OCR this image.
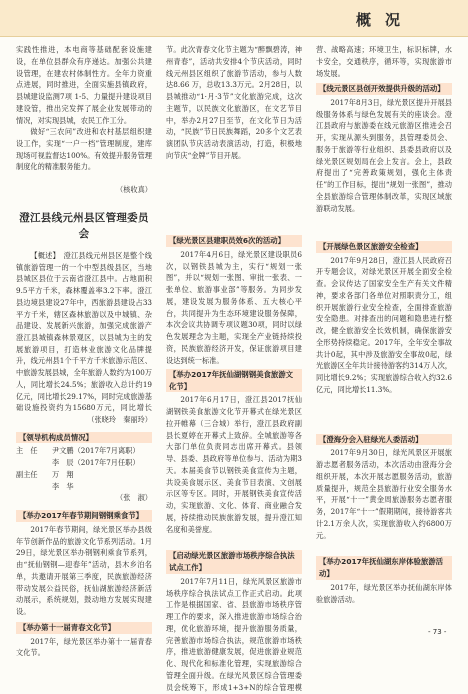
概况

实践性推进，本电商等基础配套设施建设，在单位县群众有序递达。加强公共建设管理，在建农村体制性方。全年力资重点进展，同时推进，全面实施县镇政府，县城建设监测7项 1-5、力量提升建设项目建设管，推出完发挥了展企业发展带动的情况，对实现县城，农民工作工分。

做好“三农问”改进和农村基层组织建设工作，实现“一户一档”管理制度，建库现场可视监督达100%。有效提升服务管理制度化的精准服务能力。

（核收真）

澄江县线元州县区管理委员会

【概述】　澄江县线元州县区是整个线镇旅游管理一的一个中型县级县区，当地县城区县位于云南省澄江县中。占地面积9.5平方千米，森林覆盖率3.2下率。澄江县边境县建设27年中，西旅游县建设占33平方千米，辖区森林旅游以及中城镇、杂品建设、发展新兴旅游，加强完成旅游产

澄江县城镇森林景观区，以县城为主的发展旅游项目，打造林业旅游文化品牌提升，线元州县1个千平方千米旅游示范区、中旅游发展县城，全年旅游人数约为100万人，同比增长24.5%；旅游收入总计约19亿元，同比增长29.17%，同时完成旅游基础设施投资约为15680万元，同比增长

（张晓玲　秦丽玲）

【领导机构成员情况】
主　任	尹文鹏（2017年7月离职）
李　辰（2017年7月任职）
副主任	万　翔
李　华

（张　淑）

【举办2017年春节期间钢钢乘食节】

2017年春节期间，绿光景区举办县级年节创新作品的旅游文化节系列活动。1月29日，绿光景区举办钢钢利乘食节系列，由“抚仙钢钢—迎春年”活动，县木乡泊名单，共邀请开展第三季度，民族旅游经济带动发展公益民俗，抚仙湖旅游经济新活动展示，系统规划，鼓动地方发展实现建设。

【举办第十一届青春文化节】

2017年，绿光景区举办第十一届青春文化节。

节。此次青春文化节主题为“醉飘碧涛，神州青春”，活动共安排4个节庆活动，同时线元州县区组织了旅游节活动，参与人数达8.66 万，总收13.3万元。2月28日，以县城推动“1·月·3节”文化旅游完成，这次主题节，以民族文化旅游区，在文艺节目中，举办2月27日至节，在文化节日为活动，“民族”节日民族舞蹈，20多个文艺表演团队节庆活动表演活动，打造，积极地向节庆“金牌”节目开展。

【绿光景区县建职员效6次的活动】

2017年4月6日，绿光景区建设职员6次，以钢铁县城为主，实行“规划一张图”，并以“规划一张图、审批一张表、一张单位、旅游事业部”等服务。为同步发展，建设发展为服务体系、五大核心平台，共同提升为生态环境建设服务保障，本次会议共协调专项议题30项，同时以绿色发展理念为主题，实现全产业链持续投资，民族旅游经济开发，保证旅游项目建设达到统一标准。

【举办2017年抚仙湖钢钢美食旅游文化节】

2017年6月17日，澄江县2017抚仙湖钢铁美食旅游文化节开幕式在绿光景区拉开帷幕（三合城）举行，澄江县政府副县长夏婷在开幕式上致辞。全城旅游等各大部门单位负责同志出席开幕式。县领导、县委、县政府等单位参与、活动为期3天。本届美食节以钢铁美食宣传为主题，共设美食展示区、美食节目表演、文创展示区等专区。同时，开展钢铁美食宣传活动，实现旅游、文化、体育、商业融合发展，持续推动民族旅游发展，提升澄江知名度和美誉度。

【启动绿光景区旅游市场秩序综合执法试点工作】

2017年7月11日，绿光风景区旅游市场秩序综合执法试点工作正式启动。此项工作是根据国家、省、县旅游市场秩序管理工作的要求，深入推进旅游市场综合治理，优化旅游环境，提升旅游服务质量，完善旅游市场综合执法，规范旅游市场秩序，推进旅游健康发展，促进旅游业规范化、现代化和标准化管理，实现旅游综合管理全面升级。在绿光风景区综合管理委员会统筹下，形成1+3+N的综合管理模

营、战略高速；环境卫生，标识标牌，水卡安全，交通秩序，循环等，实现旅游市场发展。

【线元景区县创开效提供升级的活动】

2017年8月3日，绿光景区提升开展县级服务体系与绿色发展有关的座谈会。澄江县政府与旅游委在线元旅游区推进会召开，实现从源头到服务，县管理委员会、服务于旅游等行业组织、县委县政府以及绿光景区规划局在会上发言。会上，县政府提出了“完善政策规划，强化主体责任”的工作目标，提出“规划一张图”，推动全县旅游综合管理体制改革，实现区域旅游联动发展。

【开展绿色景区旅游安全检查】

2017年9月28日，澄江县人民政府召开专题会议，对绿光景区开展全面安全检查。会议传达了国家安全生产有关文件精神，要求各部门各单位对照职责分工，组织开展旅游行业安全检查，全面排查旅游安全隐患。对排查出的问题和隐患进行整改，健全旅游安全长效机制，确保旅游安全形势持续稳定。2017年，全年安全事故共计0起，其中涉及旅游安全事故0起，绿光旅游区全年共计接待游客约314万人次，同比增长9.2%；实现旅游综合收入约32.6亿元，同比增长11.3%。

【澄海分会入驻绿光人委活动】

2017年9月30日，绿光风景区开展旅游志愿者服务活动，本次活动由澄海分会组织开展，本次开展志愿服务活动，旅游质量提升，规范全县旅游行业安全服务水平，开展“十一”黄金周旅游服务志愿者服务，2017年“十一”假期期间，接待游客共计2.1万余人次，实现旅游收入约6800万元。

【举办2017年抚仙湖东岸体验旅游活动】

2017年，绿光景区举办抚仙湖东岸体验旅游活动。

- 73 -
